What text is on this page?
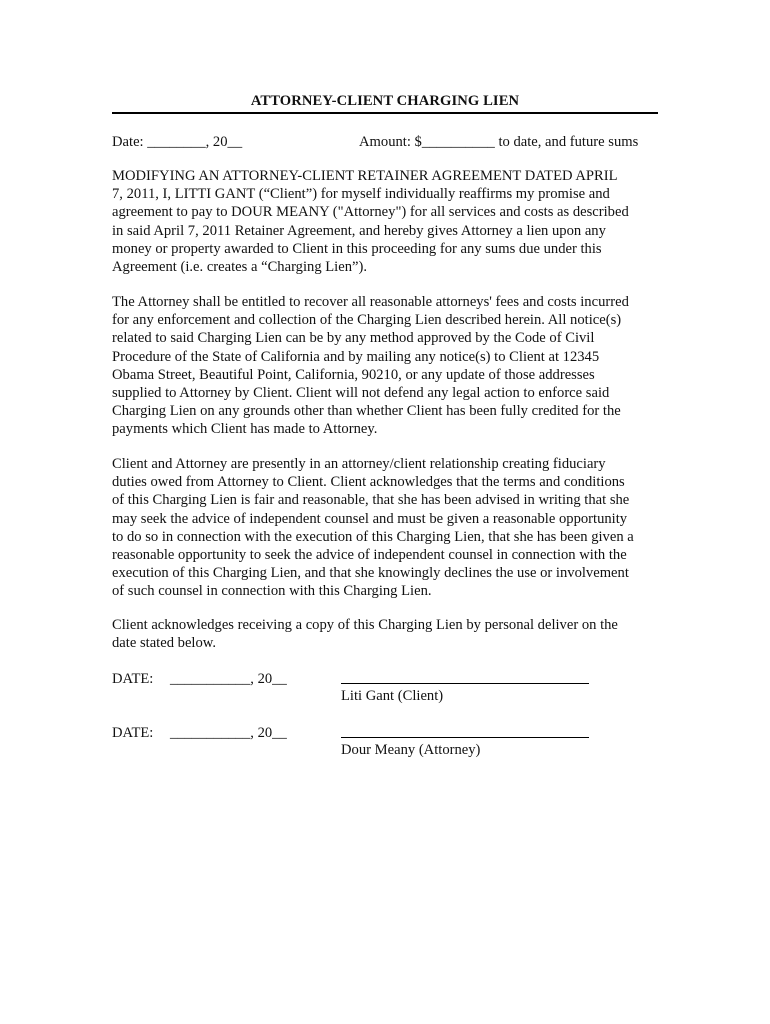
ATTORNEY-CLIENT CHARGING LIEN
Date: ________, 20__	Amount: $__________ to date, and future sums
MODIFYING AN ATTORNEY-CLIENT RETAINER AGREEMENT DATED APRIL
7, 2011, I, LITTI GANT (“Client”) for myself individually reaffirms my promise and
agreement to pay to DOUR MEANY ("Attorney") for all services and costs as described
in said April 7, 2011 Retainer Agreement, and hereby gives Attorney a lien upon any
money or property awarded to Client in this proceeding for any sums due under this
Agreement (i.e. creates a “Charging Lien”).
The Attorney shall be entitled to recover all reasonable attorneys' fees and costs incurred
for any enforcement and collection of the Charging Lien described herein. All notice(s)
related to said Charging Lien can be by any method approved by the Code of Civil
Procedure of the State of California and by mailing any notice(s) to Client at 12345
Obama Street, Beautiful Point, California, 90210, or any update of those addresses
supplied to Attorney by Client. Client will not defend any legal action to enforce said
Charging Lien on any grounds other than whether Client has been fully credited for the
payments which Client has made to Attorney.
Client and Attorney are presently in an attorney/client relationship creating fiduciary
duties owed from Attorney to Client. Client acknowledges that the terms and conditions
of this Charging Lien is fair and reasonable, that she has been advised in writing that she
may seek the advice of independent counsel and must be given a reasonable opportunity
to do so in connection with the execution of this Charging Lien, that she has been given a
reasonable opportunity to seek the advice of independent counsel in connection with the
execution of this Charging Lien, and that she knowingly declines the use or involvement
of such counsel in connection with this Charging Lien.
Client acknowledges receiving a copy of this Charging Lien by personal deliver on the
date stated below.
DATE: ___________, 20__
Liti Gant (Client)
DATE: ___________, 20__
Dour Meany (Attorney)
